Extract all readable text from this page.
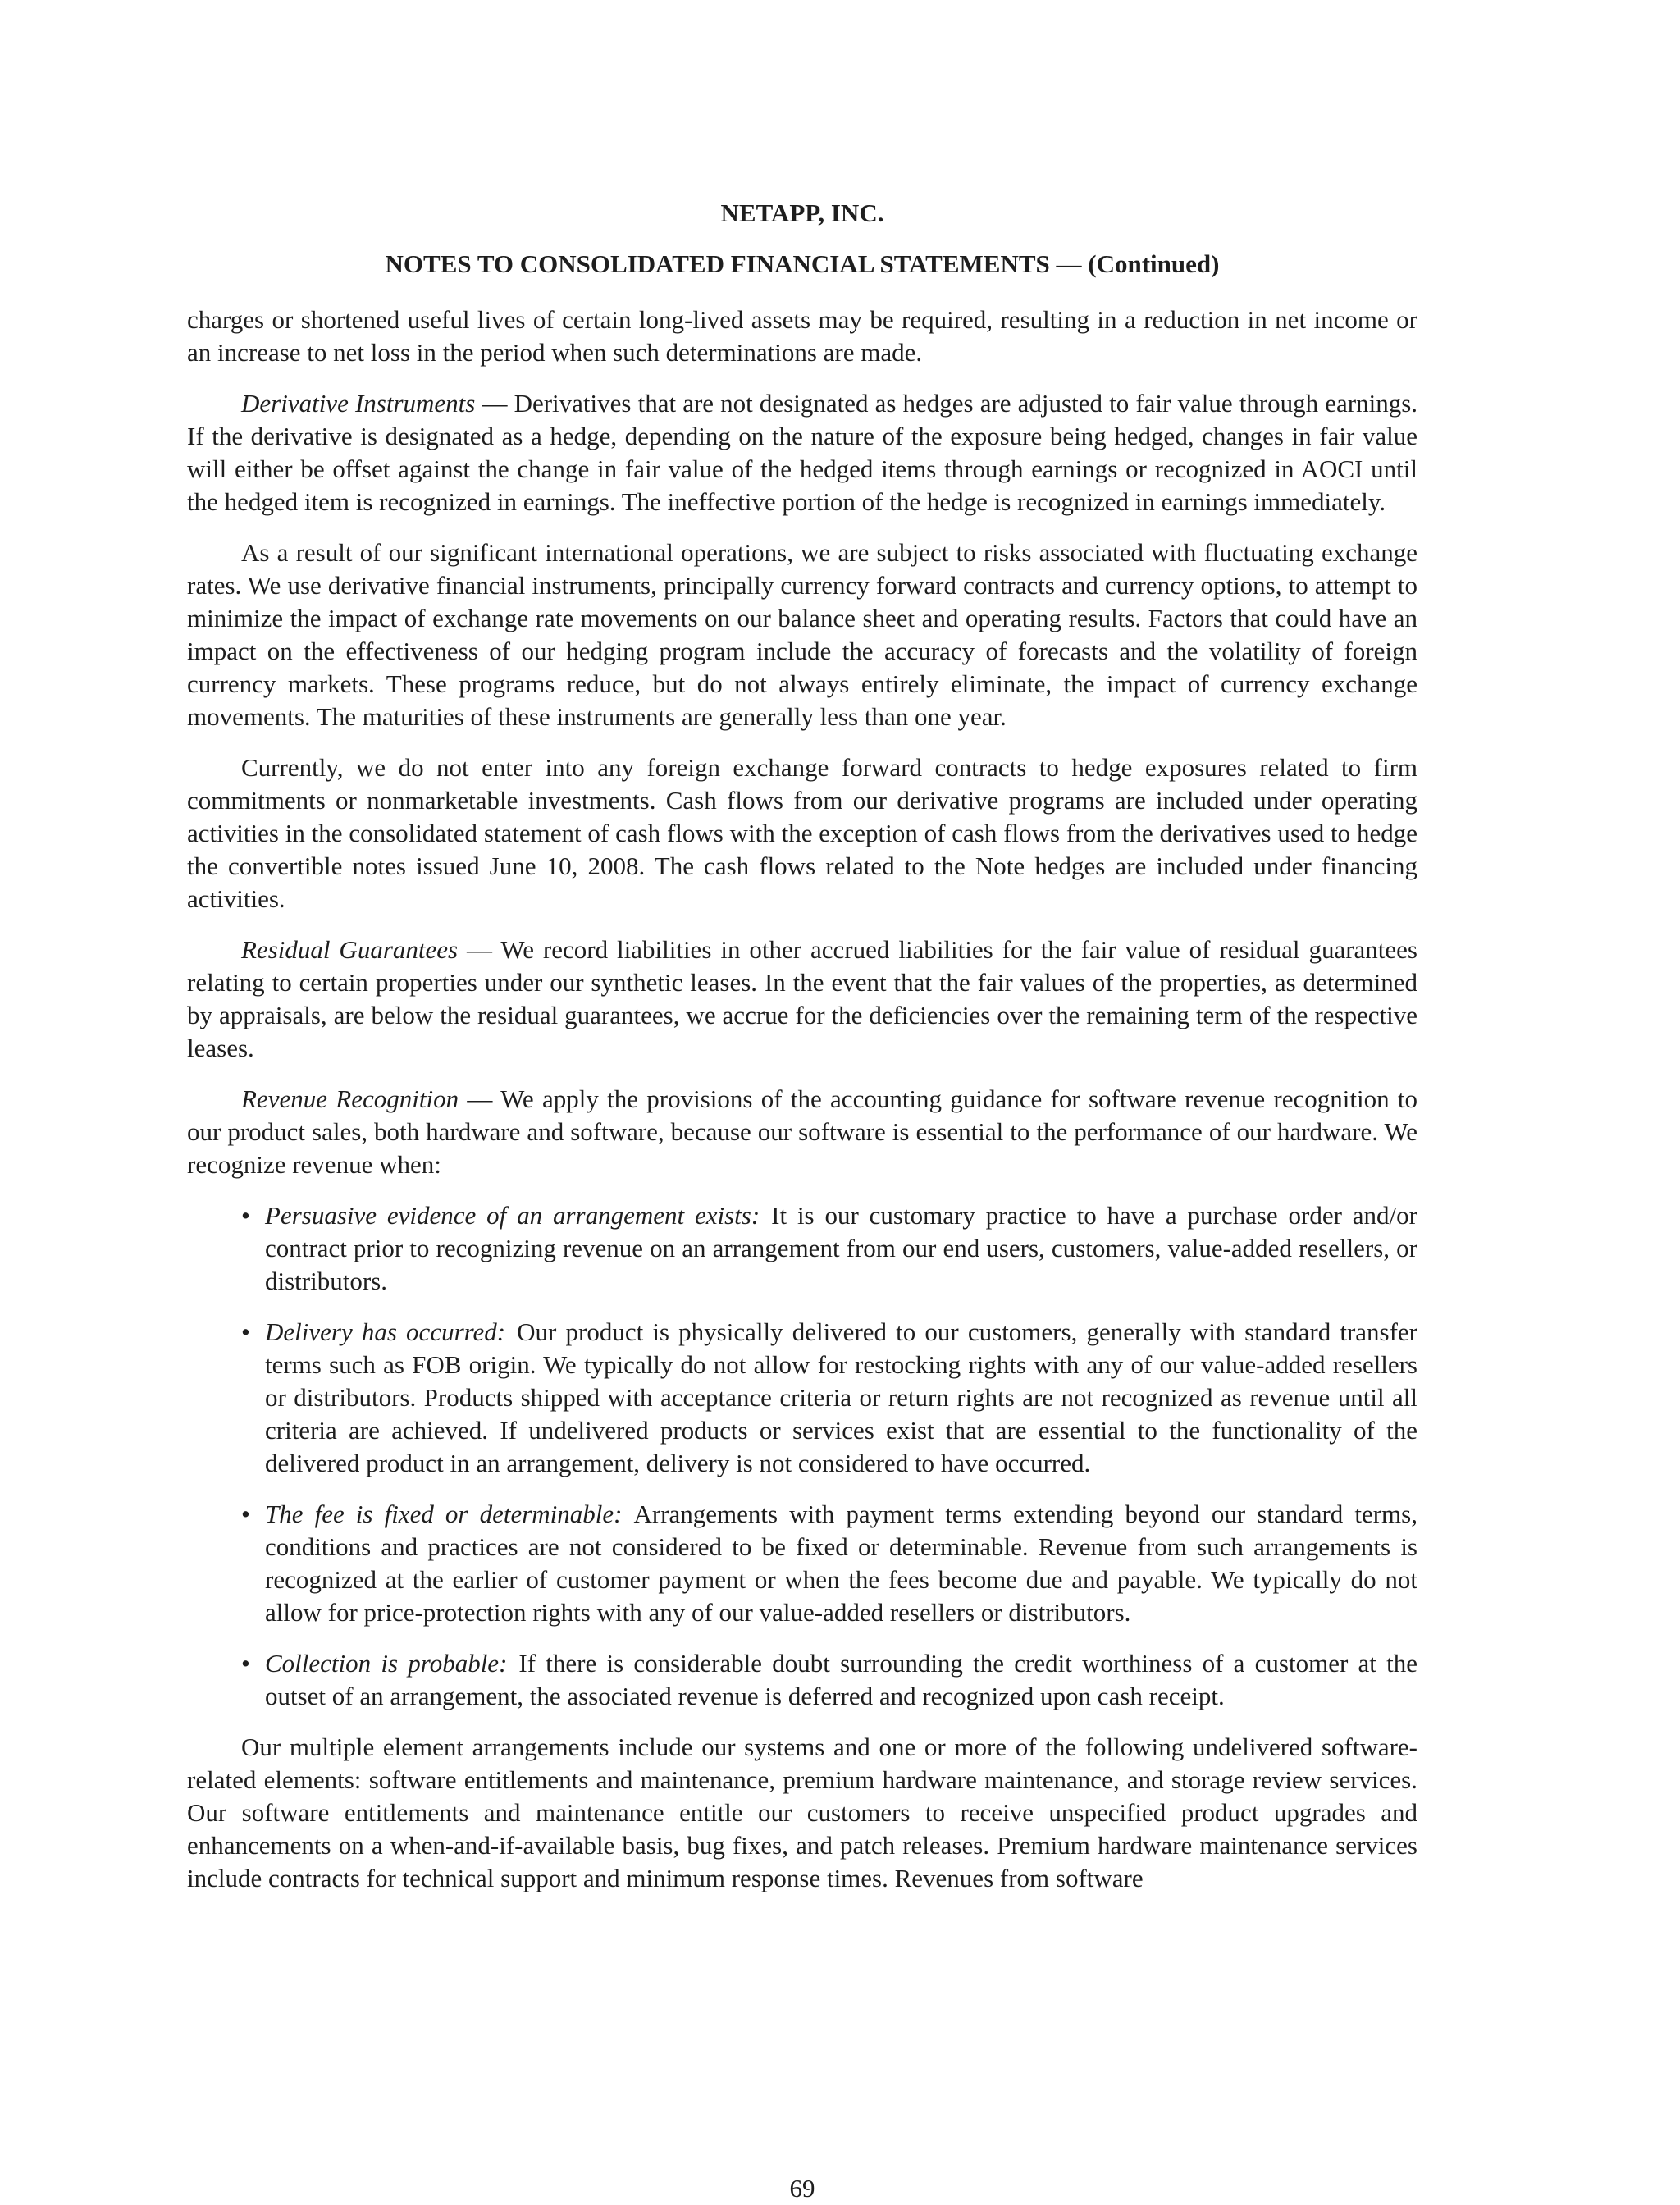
NETAPP, INC.
NOTES TO CONSOLIDATED FINANCIAL STATEMENTS — (Continued)

charges or shortened useful lives of certain long-lived assets may be required, resulting in a reduction in net income or an increase to net loss in the period when such determinations are made.

Derivative Instruments — Derivatives that are not designated as hedges are adjusted to fair value through earnings. If the derivative is designated as a hedge, depending on the nature of the exposure being hedged, changes in fair value will either be offset against the change in fair value of the hedged items through earnings or recognized in AOCI until the hedged item is recognized in earnings. The ineffective portion of the hedge is recognized in earnings immediately.

As a result of our significant international operations, we are subject to risks associated with fluctuating exchange rates. We use derivative financial instruments, principally currency forward contracts and currency options, to attempt to minimize the impact of exchange rate movements on our balance sheet and operating results. Factors that could have an impact on the effectiveness of our hedging program include the accuracy of forecasts and the volatility of foreign currency markets. These programs reduce, but do not always entirely eliminate, the impact of currency exchange movements. The maturities of these instruments are generally less than one year.

Currently, we do not enter into any foreign exchange forward contracts to hedge exposures related to firm commitments or nonmarketable investments. Cash flows from our derivative programs are included under operating activities in the consolidated statement of cash flows with the exception of cash flows from the derivatives used to hedge the convertible notes issued June 10, 2008. The cash flows related to the Note hedges are included under financing activities.

Residual Guarantees — We record liabilities in other accrued liabilities for the fair value of residual guarantees relating to certain properties under our synthetic leases. In the event that the fair values of the properties, as determined by appraisals, are below the residual guarantees, we accrue for the deficiencies over the remaining term of the respective leases.

Revenue Recognition — We apply the provisions of the accounting guidance for software revenue recognition to our product sales, both hardware and software, because our software is essential to the performance of our hardware. We recognize revenue when:

• Persuasive evidence of an arrangement exists: It is our customary practice to have a purchase order and/or contract prior to recognizing revenue on an arrangement from our end users, customers, value-added resellers, or distributors.
• Delivery has occurred: Our product is physically delivered to our customers, generally with standard transfer terms such as FOB origin. We typically do not allow for restocking rights with any of our value-added resellers or distributors. Products shipped with acceptance criteria or return rights are not recognized as revenue until all criteria are achieved. If undelivered products or services exist that are essential to the functionality of the delivered product in an arrangement, delivery is not considered to have occurred.
• The fee is fixed or determinable: Arrangements with payment terms extending beyond our standard terms, conditions and practices are not considered to be fixed or determinable. Revenue from such arrangements is recognized at the earlier of customer payment or when the fees become due and payable. We typically do not allow for price-protection rights with any of our value-added resellers or distributors.
• Collection is probable: If there is considerable doubt surrounding the credit worthiness of a customer at the outset of an arrangement, the associated revenue is deferred and recognized upon cash receipt.

Our multiple element arrangements include our systems and one or more of the following undelivered software-related elements: software entitlements and maintenance, premium hardware maintenance, and storage review services. Our software entitlements and maintenance entitle our customers to receive unspecified product upgrades and enhancements on a when-and-if-available basis, bug fixes, and patch releases. Premium hardware maintenance services include contracts for technical support and minimum response times. Revenues from software

69
